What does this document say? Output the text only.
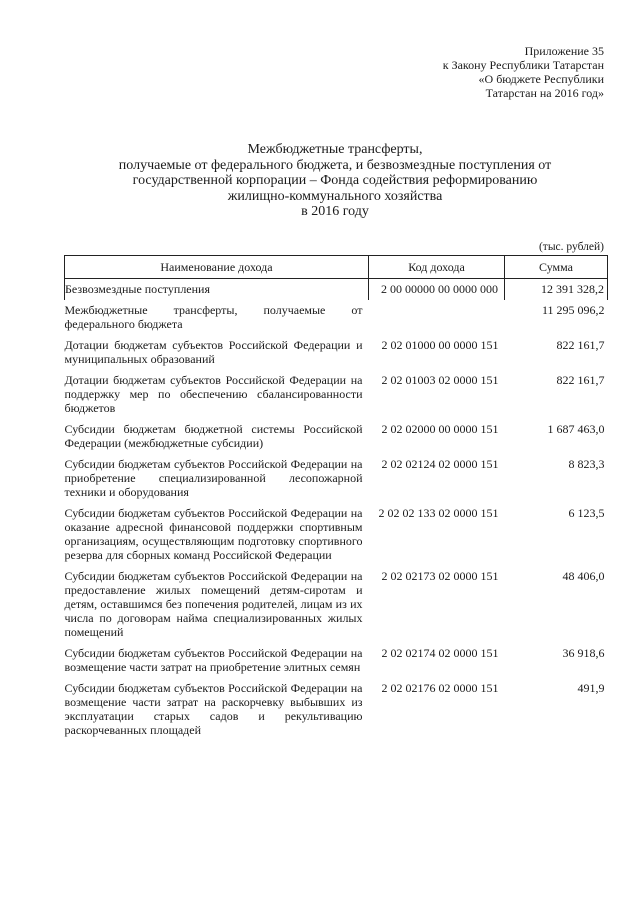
Приложение 35
к Закону Республики Татарстан
«О бюджете Республики
Татарстан на 2016 год»
Межбюджетные трансферты,
получаемые от федерального бюджета, и безвозмездные поступления от
государственной корпорации – Фонда содействия реформированию
жилищно-коммунального хозяйства
в 2016 году
(тыс. рублей)
Наименование дохода	Код дохода	Сумма
Безвозмездные поступления	2 00 00000 00 0000 000	12 391 328,2
Межбюджетные трансферты, получаемые от федерального бюджета		11 295 096,2
Дотации бюджетам субъектов Российской Федерации и муниципальных образований	2 02 01000 00 0000 151	822 161,7
Дотации бюджетам субъектов Российской Федерации на поддержку мер по обеспечению сбалансированности бюджетов	2 02 01003 02 0000 151	822 161,7
Субсидии бюджетам бюджетной системы Российской Федерации (межбюджетные субсидии)	2 02 02000 00 0000 151	1 687 463,0
Субсидии бюджетам субъектов Российской Федерации на приобретение специализированной лесопожарной техники и оборудования	2 02 02124 02 0000 151	8 823,3
Субсидии бюджетам субъектов Российской Федерации на оказание адресной финансовой поддержки спортивным организациям, осуществляющим подготовку спортивного резерва для сборных команд Российской Федерации	2 02 02 133 02 0000 151	6 123,5
Субсидии бюджетам субъектов Российской Федерации на предоставление жилых помещений детям-сиротам и детям, оставшимся без попечения родителей, лицам из их числа по договорам найма специализированных жилых помещений	2 02 02173 02 0000 151	48 406,0
Субсидии бюджетам субъектов Российской Федерации на возмещение части затрат на приобретение элитных семян	2 02 02174 02 0000 151	36 918,6
Субсидии бюджетам субъектов Российской Федерации на возмещение части затрат на раскорчевку выбывших из эксплуатации старых садов и рекультивацию раскорчеванных площадей	2 02 02176 02 0000 151	491,9
